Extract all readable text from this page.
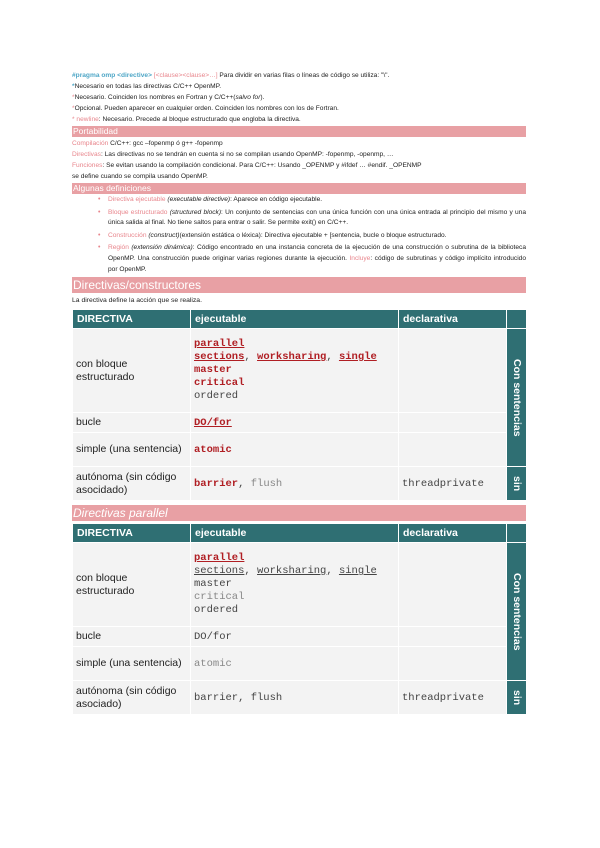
#pragma omp <directive> [<clause><clause>…] Para dividir en varias filas o líneas de código se utiliza: "\".
*Necesario en todas las directivas C/C++ OpenMP.
*Necesario. Coinciden los nombres en Fortran y C/C++(salvo for).
*Opcional. Pueden aparecer en cualquier orden. Coinciden los nombres con los de Fortran.
* newline: Necesario. Precede al bloque estructurado que engloba la directiva.
Portabilidad
Compilación C/C++: gcc –fopenmp ó g++ -fopenmp
Directivas: Las directivas no se tendrán en cuenta si no se compilan usando OpenMP: -fopenmp, -openmp, …
Funciones: Se evitan usando la compilación condicional. Para C/C++: Usando _OPENMP y #ifdef … #endif. _OPENMP
se define cuando se compila usando OpenMP.
Algunas definiciones
• Directiva ejecutable (executable directive): Aparece en código ejecutable.
• Bloque estructurado (structured block): Un conjunto de sentencias con una única función con una única entrada al principio del mismo y una única salida al final. No tiene saltos para entrar o salir. Se permite exit() en C/C++.
• Construcción (construct)(extensión estática o léxica): Directiva ejecutable + [sentencia, bucle o bloque estructurado.
• Región (extensión dinámica): Código encontrado en una instancia concreta de la ejecución de una construcción o subrutina de la biblioteca OpenMP. Una construcción puede originar varias regiones durante la ejecución. Incluye: código de subrutinas y código implícito introducido por OpenMP.
Directivas/constructores
La directiva define la acción que se realiza.
DIRECTIVA	ejecutable	declarativa	
con bloque estructurado	parallel
sections, worksharing, single
master
critical
ordered		Con sentencias

bucle	DO/for		
simple (una sentencia)	atomic		
autónoma (sin código asocidado)	barrier, flush	threadprivate	sin
Directivas parallel
DIRECTIVA	ejecutable	declarativa	
con bloque estructurado	parallel
sections, worksharing, single
master
critical
ordered		Con sentencias

bucle	DO/for		
simple (una sentencia)	atomic		
autónoma (sin código asociado)	barrier, flush	threadprivate	sin
